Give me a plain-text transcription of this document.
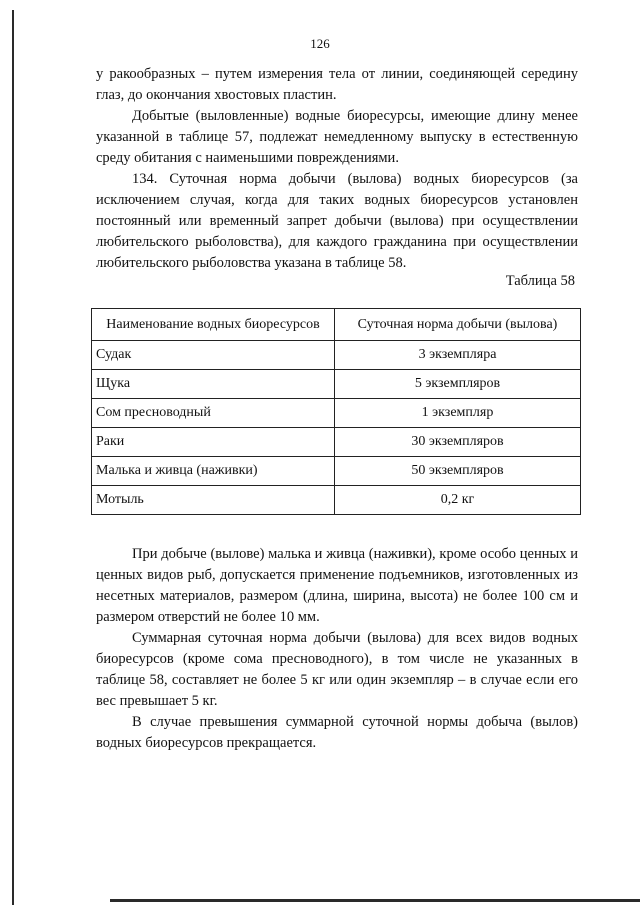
126

у ракообразных – путем измерения тела от линии, соединяющей середину глаз, до окончания хвостовых пластин.

Добытые (выловленные) водные биоресурсы, имеющие длину менее указанной в таблице 57, подлежат немедленному выпуску в естественную среду обитания с наименьшими повреждениями.

134. Суточная норма добычи (вылова) водных биоресурсов (за исключением случая, когда для таких водных биоресурсов установлен постоянный или временный запрет добычи (вылова) при осуществлении любительского рыболовства), для каждого гражданина при осуществлении любительского рыболовства указана в таблице 58.

Таблица 58
Наименование водных биоресурсов	Суточная норма добычи (вылова)
Судак	3 экземпляра
Щука	5 экземпляров
Сом пресноводный	1 экземпляр
Раки	30 экземпляров
Малька и живца (наживки)	50 экземпляров
Мотыль	0,2 кг

При добыче (вылове) малька и живца (наживки), кроме особо ценных и ценных видов рыб, допускается применение подъемников, изготовленных из несетных материалов, размером (длина, ширина, высота) не более 100 см и размером отверстий не более 10 мм.

Суммарная суточная норма добычи (вылова) для всех видов водных биоресурсов (кроме сома пресноводного), в том числе не указанных в таблице 58, составляет не более 5 кг или один экземпляр – в случае если его вес превышает 5 кг.

В случае превышения суммарной суточной нормы добыча (вылов) водных биоресурсов прекращается.
